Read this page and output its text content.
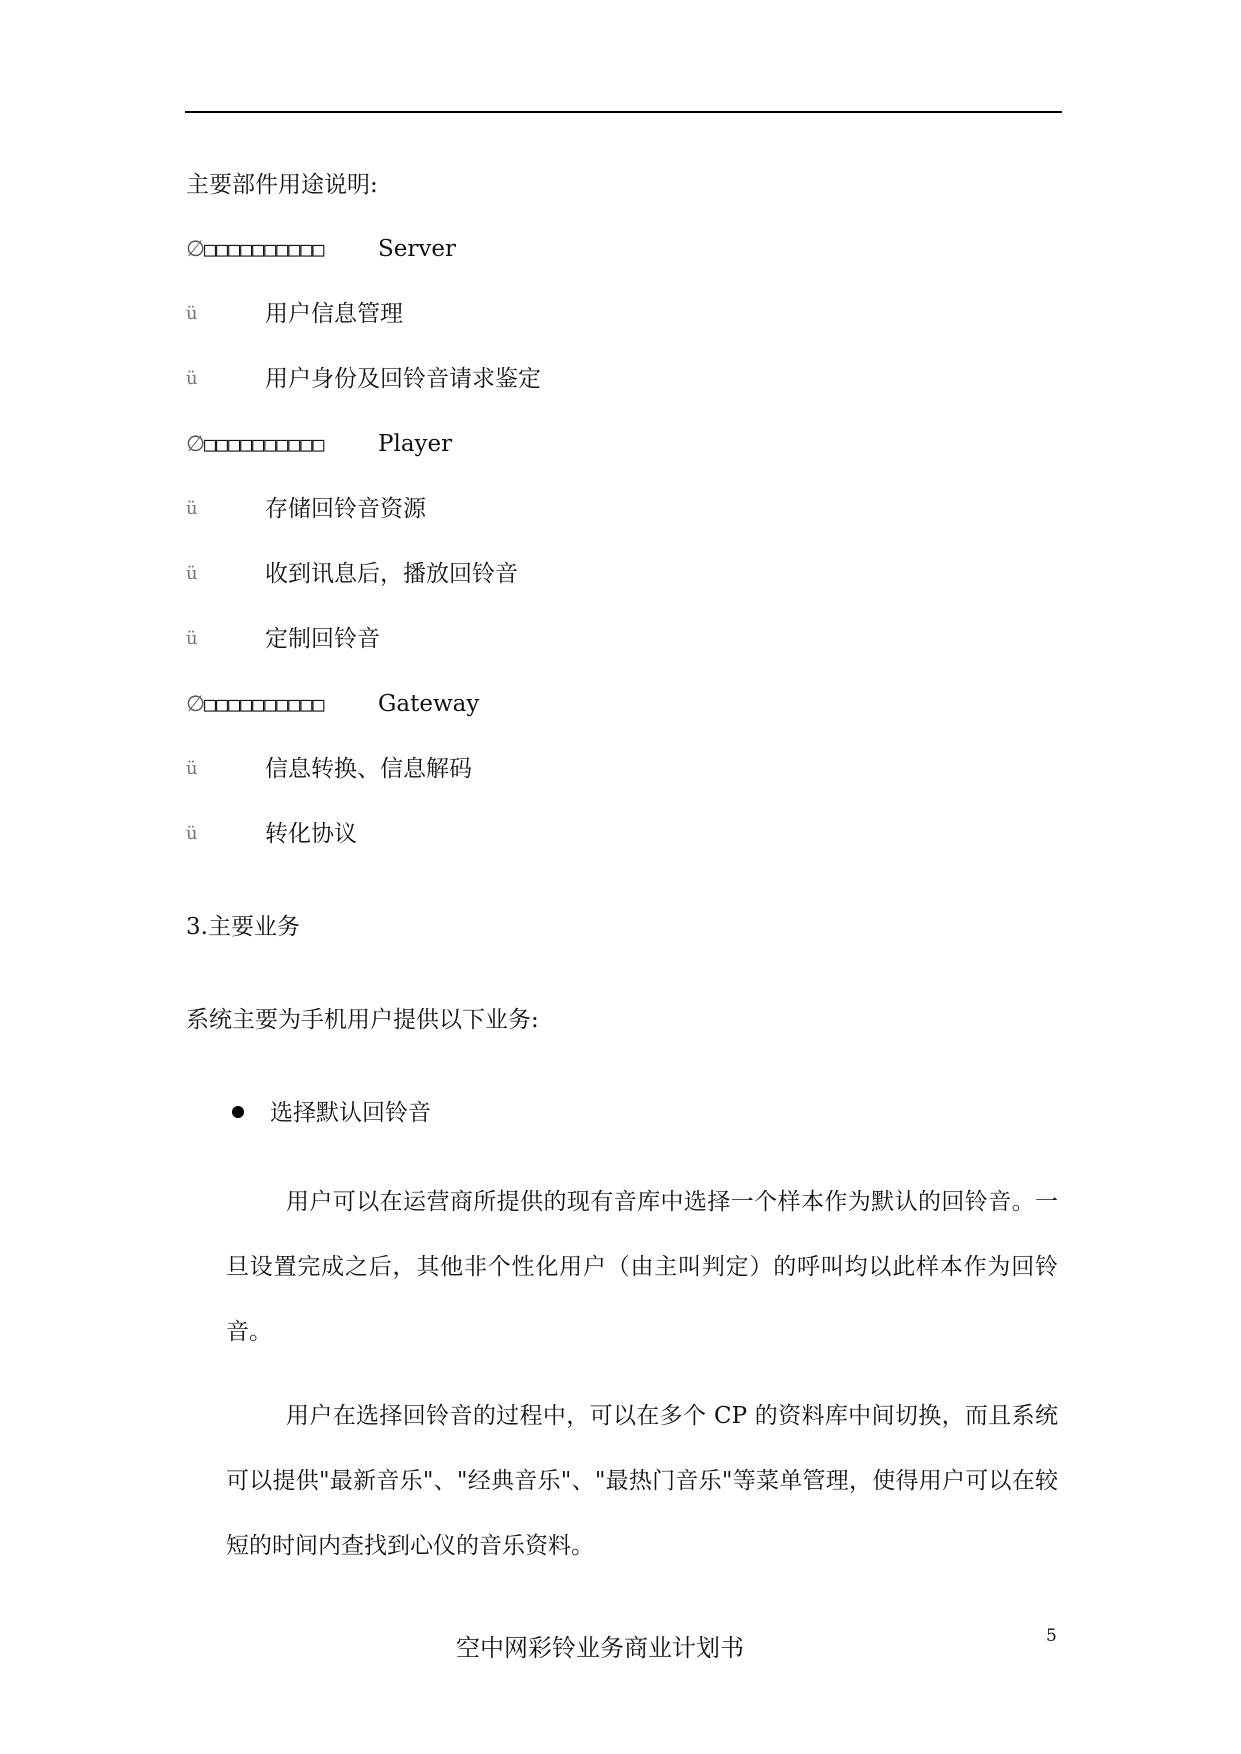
主要部件用途说明:
∅□□□□□□□□□□ Server
ü	用户信息管理
ü	用户身份及回铃音请求鉴定
∅□□□□□□□□□□ Player
ü	存储回铃音资源
ü	收到讯息后，播放回铃音
ü	定制回铃音
∅□□□□□□□□□□ Gateway
ü	信息转换、信息解码
ü	转化协议
3.主要业务
系统主要为手机用户提供以下业务:
选择默认回铃音
用户可以在运营商所提供的现有音库中选择一个样本作为默认的回铃音。一旦设置完成之后，其他非个性化用户（由主叫判定）的呼叫均以此样本作为回铃音。
用户在选择回铃音的过程中，可以在多个 CP 的资料库中间切换，而且系统可以提供"最新音乐"、"经典音乐"、"最热门音乐"等菜单管理，使得用户可以在较短的时间内查找到心仪的音乐资料。
空中网彩铃业务商业计划书	5
